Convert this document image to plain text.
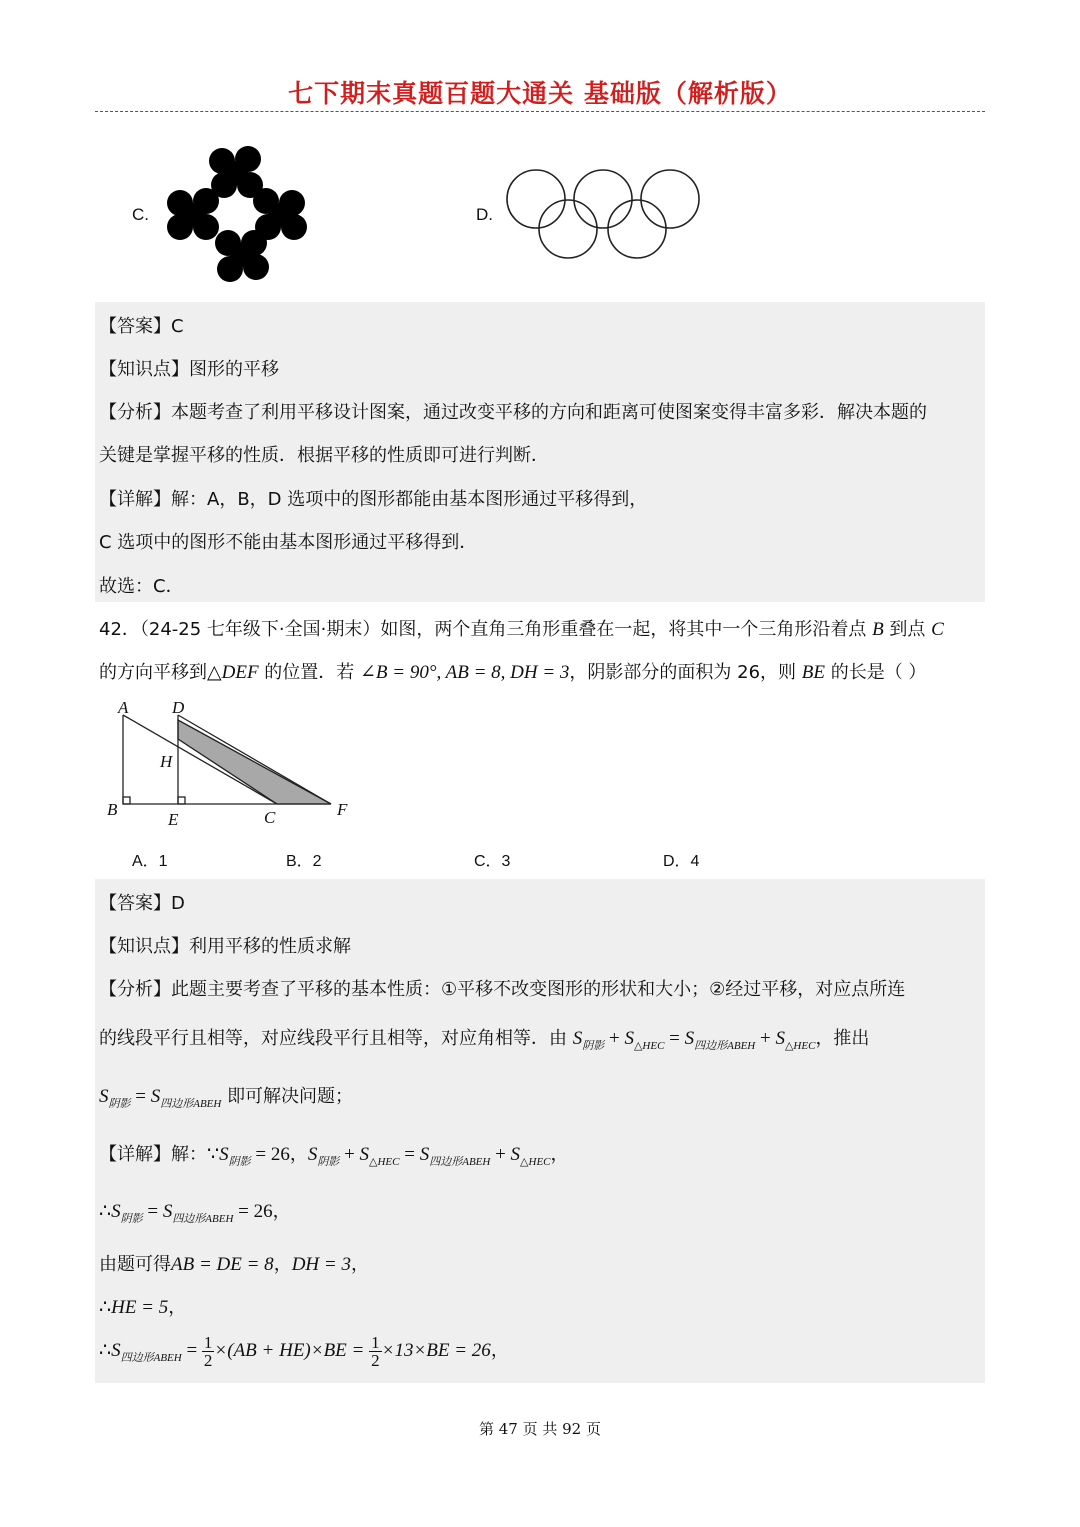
七下期末真题百题大通关 基础版（解析版）
C.	D.
【答案】C
【知识点】图形的平移
【分析】本题考查了利用平移设计图案，通过改变平移的方向和距离可使图案变得丰富多彩．解决本题的
关键是掌握平移的性质．根据平移的性质即可进行判断．
【详解】解：A，B，D 选项中的图形都能由基本图形通过平移得到，
C 选项中的图形不能由基本图形通过平移得到．
故选：C．
42．（24-25 七年级下·全国·期末）如图，两个直角三角形重叠在一起，将其中一个三角形沿着点 B 到点 C
的方向平移到△DEF 的位置．若 ∠B = 90°, AB = 8, DH = 3，阴影部分的面积为 26，则 BE 的长是（ ）
A	D
H
B
E	C	F
A．1	B．2	C．3	D．4
【答案】D
【知识点】利用平移的性质求解
【分析】此题主要考查了平移的基本性质：①平移不改变图形的形状和大小；②经过平移，对应点所连
的线段平行且相等，对应线段平行且相等，对应角相等．由 $S_{阴影} + S_{\triangle HEC} = S_{四边形ABEH} + S_{\triangle HEC}$，推出
$S_{阴影} = S_{四边形ABEH}$ 即可解决问题；
【详解】解：$\because S_{阴影} = 26$，$S_{阴影} + S_{\triangle HEC} = S_{四边形ABEH} + S_{\triangle HEC}$，
$\therefore S_{阴影} = S_{四边形ABEH} = 26$，
由题可得AB = DE = 8，DH = 3，
∴HE = 5，
$\therefore S_{四边形ABEH} = \frac{1}{2} \times(AB + HE)\times BE = \frac{1}{2} \times 13\times BE = 26$，
第 47 页 共 92 页
